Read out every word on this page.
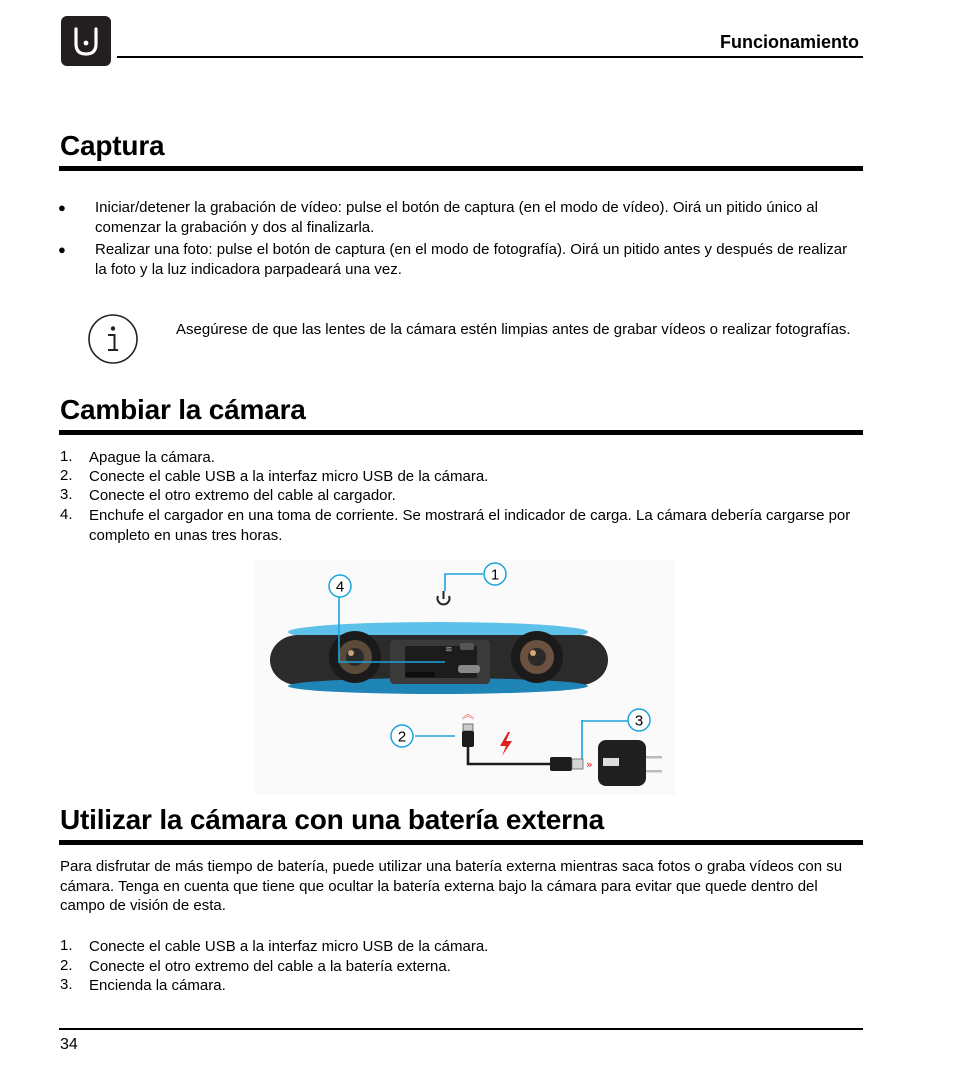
Funcionamiento
Captura
● Iniciar/detener la grabación de vídeo: pulse el botón de captura (en el modo de vídeo). Oirá un pitido único al comenzar la grabación y dos al finalizarla.
● Realizar una foto: pulse el botón de captura (en el modo de fotografía). Oirá un pitido antes y después de realizar la foto y la luz indicadora parpadeará una vez.
Asegúrese de que las lentes de la cámara estén limpias antes de grabar vídeos o realizar fotografías.
Cambiar la cámara
1. Apague la cámara.
2. Conecte el cable USB a la interfaz micro USB de la cámara.
3. Conecte el otro extremo del cable al cargador.
4. Enchufe el cargador en una toma de corriente. Se mostrará el indicador de carga. La cámara debería cargarse por completo en unas tres horas.
≋
1
4
2
3
︽
»
Utilizar la cámara con una batería externa
Para disfrutar de más tiempo de batería, puede utilizar una batería externa mientras saca fotos o graba vídeos con su cámara. Tenga en cuenta que tiene que ocultar la batería externa bajo la cámara para evitar que quede dentro del campo de visión de esta.
1. Conecte el cable USB a la interfaz micro USB de la cámara.
2. Conecte el otro extremo del cable a la batería externa.
3. Encienda la cámara.
34
